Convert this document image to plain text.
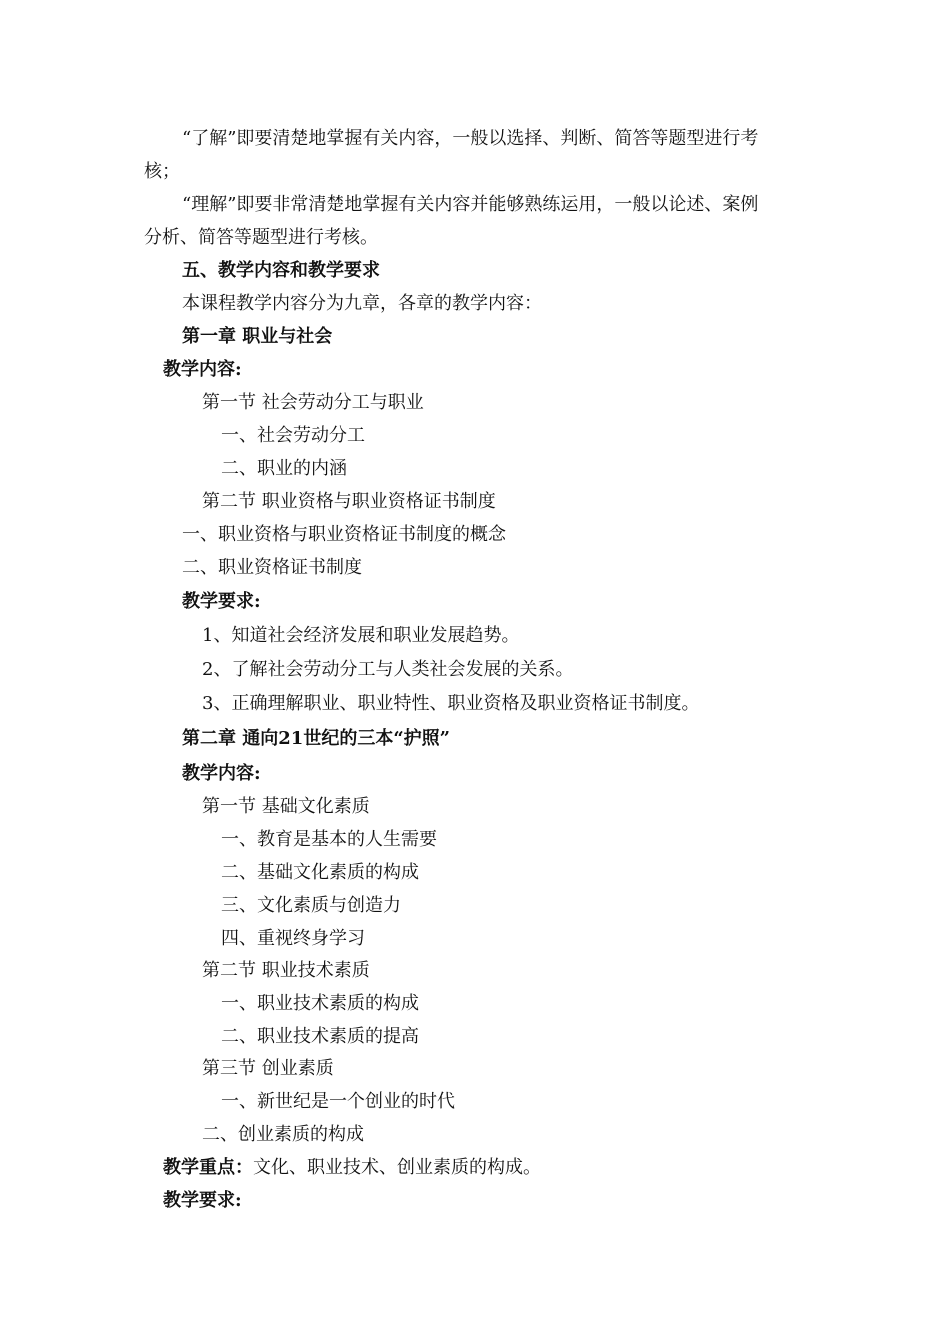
“了解”即要清楚地掌握有关内容，一般以选择、判断、简答等题型进行考
核；
“理解”即要非常清楚地掌握有关内容并能够熟练运用，一般以论述、案例
分析、简答等题型进行考核。
五、教学内容和教学要求
本课程教学内容分为九章，各章的教学内容：
第一章 职业与社会
教学内容:
第一节 社会劳动分工与职业
一、社会劳动分工
二、职业的内涵
第二节 职业资格与职业资格证书制度
一、职业资格与职业资格证书制度的概念
二、职业资格证书制度
教学要求:
1、知道社会经济发展和职业发展趋势。
2、了解社会劳动分工与人类社会发展的关系。
3、正确理解职业、职业特性、职业资格及职业资格证书制度。
第二章 通向21世纪的三本“护照”
教学内容:
第一节 基础文化素质
一、教育是基本的人生需要
二、基础文化素质的构成
三、文化素质与创造力
四、重视终身学习
第二节 职业技术素质
一、职业技术素质的构成
二、职业技术素质的提高
第三节 创业素质
一、新世纪是一个创业的时代
二、创业素质的构成
教学重点：文化、职业技术、创业素质的构成。
教学要求:
